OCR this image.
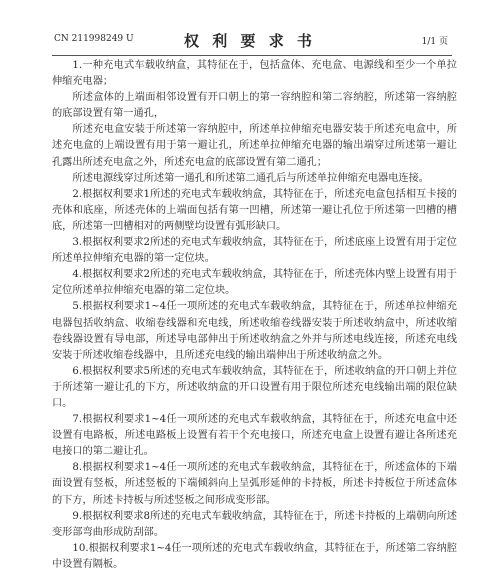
CN 211998249 U	权 利 要 求 书	1/1 页

1.一种充电式车载收纳盒，其特征在于，包括盒体、充电盒、电源线和至少一个单拉伸缩充电器；

所述盒体的上端面相邻设置有开口朝上的第一容纳腔和第二容纳腔，所述第一容纳腔的底部设置有第一通孔，

所述充电盒安装于所述第一容纳腔中，所述单拉伸缩充电器安装于所述充电盒中，所述充电盒的上端设置有用于第一避让孔，所述单拉伸缩充电器的输出端穿过所述第一避让孔露出所述充电盒之外，所述充电盒的底部设置有第二通孔；

所述电源线穿过所述第一通孔和所述第二通孔后与所述单拉伸缩充电器电连接。

2.根据权利要求1所述的充电式车载收纳盒，其特征在于，所述充电盒包括相互卡接的壳体和底座，所述壳体的上端面包括有第一凹槽，所述第一避让孔位于所述第一凹槽的槽底，所述第一凹槽相对的两侧壁均设置有弧形缺口。

3.根据权利要求2所述的充电式车载收纳盒，其特征在于，所述底座上设置有用于定位所述单拉伸缩充电器的第一定位块。

4.根据权利要求2所述的充电式车载收纳盒，其特征在于，所述壳体内壁上设置有用于定位所述单拉伸缩充电器的第二定位块。

5.根据权利要求1~4任一项所述的充电式车载收纳盒，其特征在于，所述单拉伸缩充电器包括收纳盒、收缩卷线器和充电线，所述收缩卷线器安装于所述收纳盒中，所述收缩卷线器设置有导电部，所述导电部伸出于所述收纳盒之外并与所述电线连接，所述充电线安装于所述收缩卷线器中，且所述充电线的输出端伸出于所述收纳盒之外。

6.根据权利要求5所述的充电式车载收纳盒，其特征在于，所述收纳盒的开口朝上并位于所述第一避让孔的下方，所述收纳盒的开口设置有用于限位所述充电线输出端的限位缺口。

7.根据权利要求1~4任一项所述的充电式车载收纳盒，其特征在于，所述充电盒中还设置有电路板，所述电路板上设置有若干个充电接口，所述充电盒上设置有避让各所述充电接口的第二避让孔。

8.根据权利要求1~4任一项所述的充电式车载收纳盒，其特征在于，所述盒体的下端面设置有竖板，所述竖板的下端倾斜向上呈弧形延伸的卡持板，所述卡持板位于所述盒体的下方，所述卡持板与所述竖板之间形成变形部。

9.根据权利要求8所述的充电式车载收纳盒，其特征在于，所述卡持板的上端朝向所述变形部弯曲形成防刮部。

10.根据权利要求1~4任一项所述的充电式车载收纳盒，其特征在于，所述第二容纳腔中设置有隔板。
